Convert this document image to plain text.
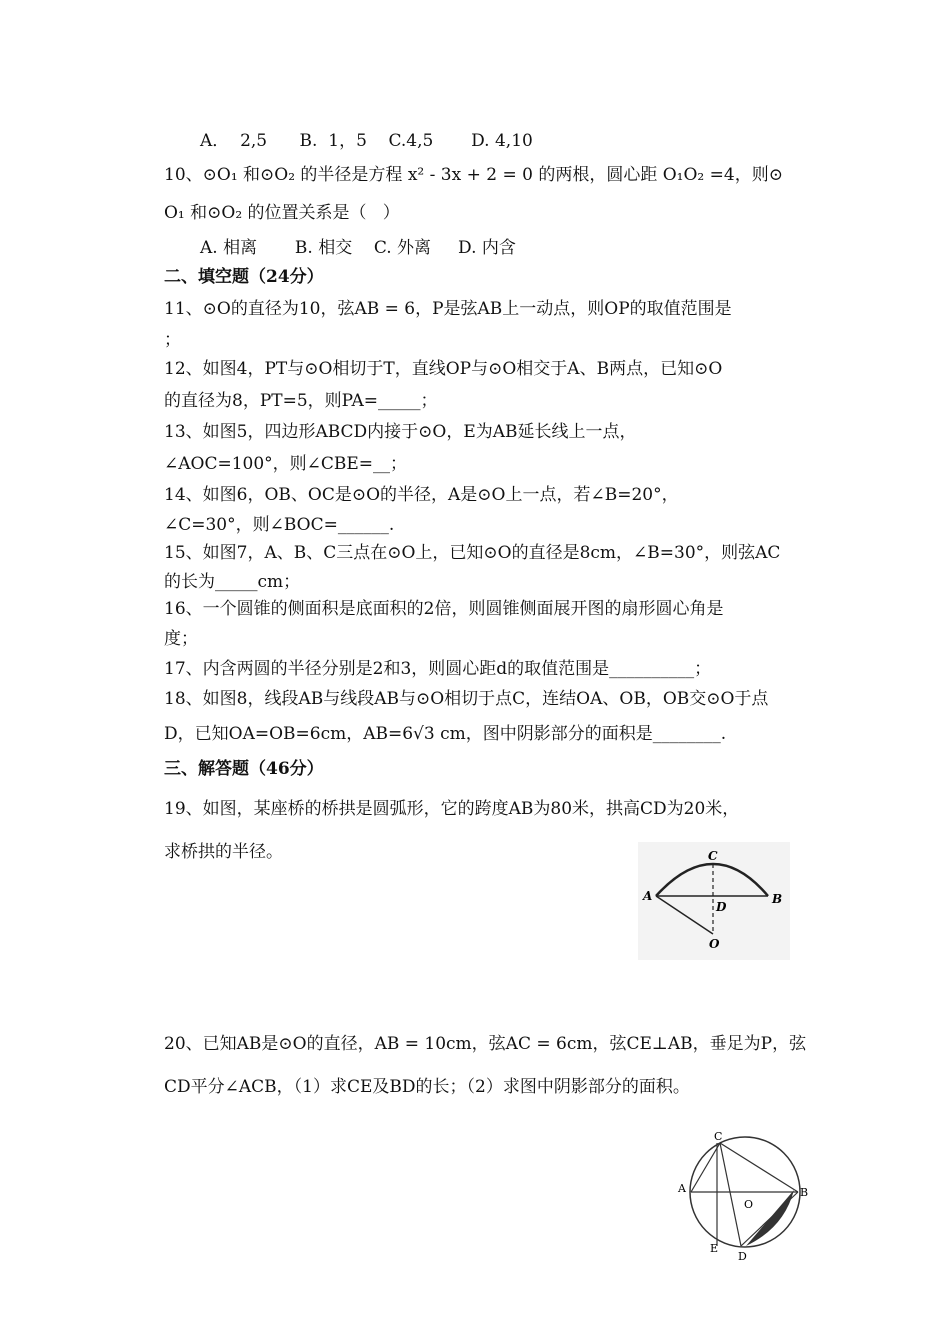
A．  2,5      B.  1，5    C.4,5       D. 4,10
10、⊙O₁ 和⊙O₂ 的半径是方程 x² - 3x + 2 = 0 的两根，圆心距 O₁O₂ =4，则⊙
O₁ 和⊙O₂ 的位置关系是（   ）
A. 相离       B. 相交    C. 外离     D. 内含
二、填空题（24分）
11、⊙O的直径为10，弦AB = 6，P是弦AB上一动点，则OP的取值范围是
；
12、如图4，PT与⊙O相切于T，直线OP与⊙O相交于A、B两点，已知⊙O
的直径为8，PT=5，则PA=_____；
13、如图5，四边形ABCD内接于⊙O，E为AB延长线上一点，
∠AOC=100°，则∠CBE=__；
14、如图6，OB、OC是⊙O的半径，A是⊙O上一点，若∠B=20°，
∠C=30°，则∠BOC=______.
15、如图7，A、B、C三点在⊙O上，已知⊙O的直径是8cm，∠B=30°，则弦AC
的长为_____cm；
16、一个圆锥的侧面积是底面积的2倍，则圆锥侧面展开图的扇形圆心角是
度；
17、内含两圆的半径分别是2和3，则圆心距d的取值范围是__________；
18、如图8，线段AB与线段AB与⊙O相切于点C，连结OA、OB，OB交⊙O于点
D，已知OA=OB=6cm，AB=6√3 cm，图中阴影部分的面积是________.
三、解答题（46分）
19、如图，某座桥的桥拱是圆弧形，它的跨度AB为80米，拱高CD为20米，
求桥拱的半径。
20、已知AB是⊙O的直径，AB = 10cm，弦AC = 6cm，弦CE⊥AB，垂足为P，弦
CD平分∠ACB，（1）求CE及BD的长；（2）求图中阴影部分的面积。
C
A
D
B
O
C
A
O
B
E
D
